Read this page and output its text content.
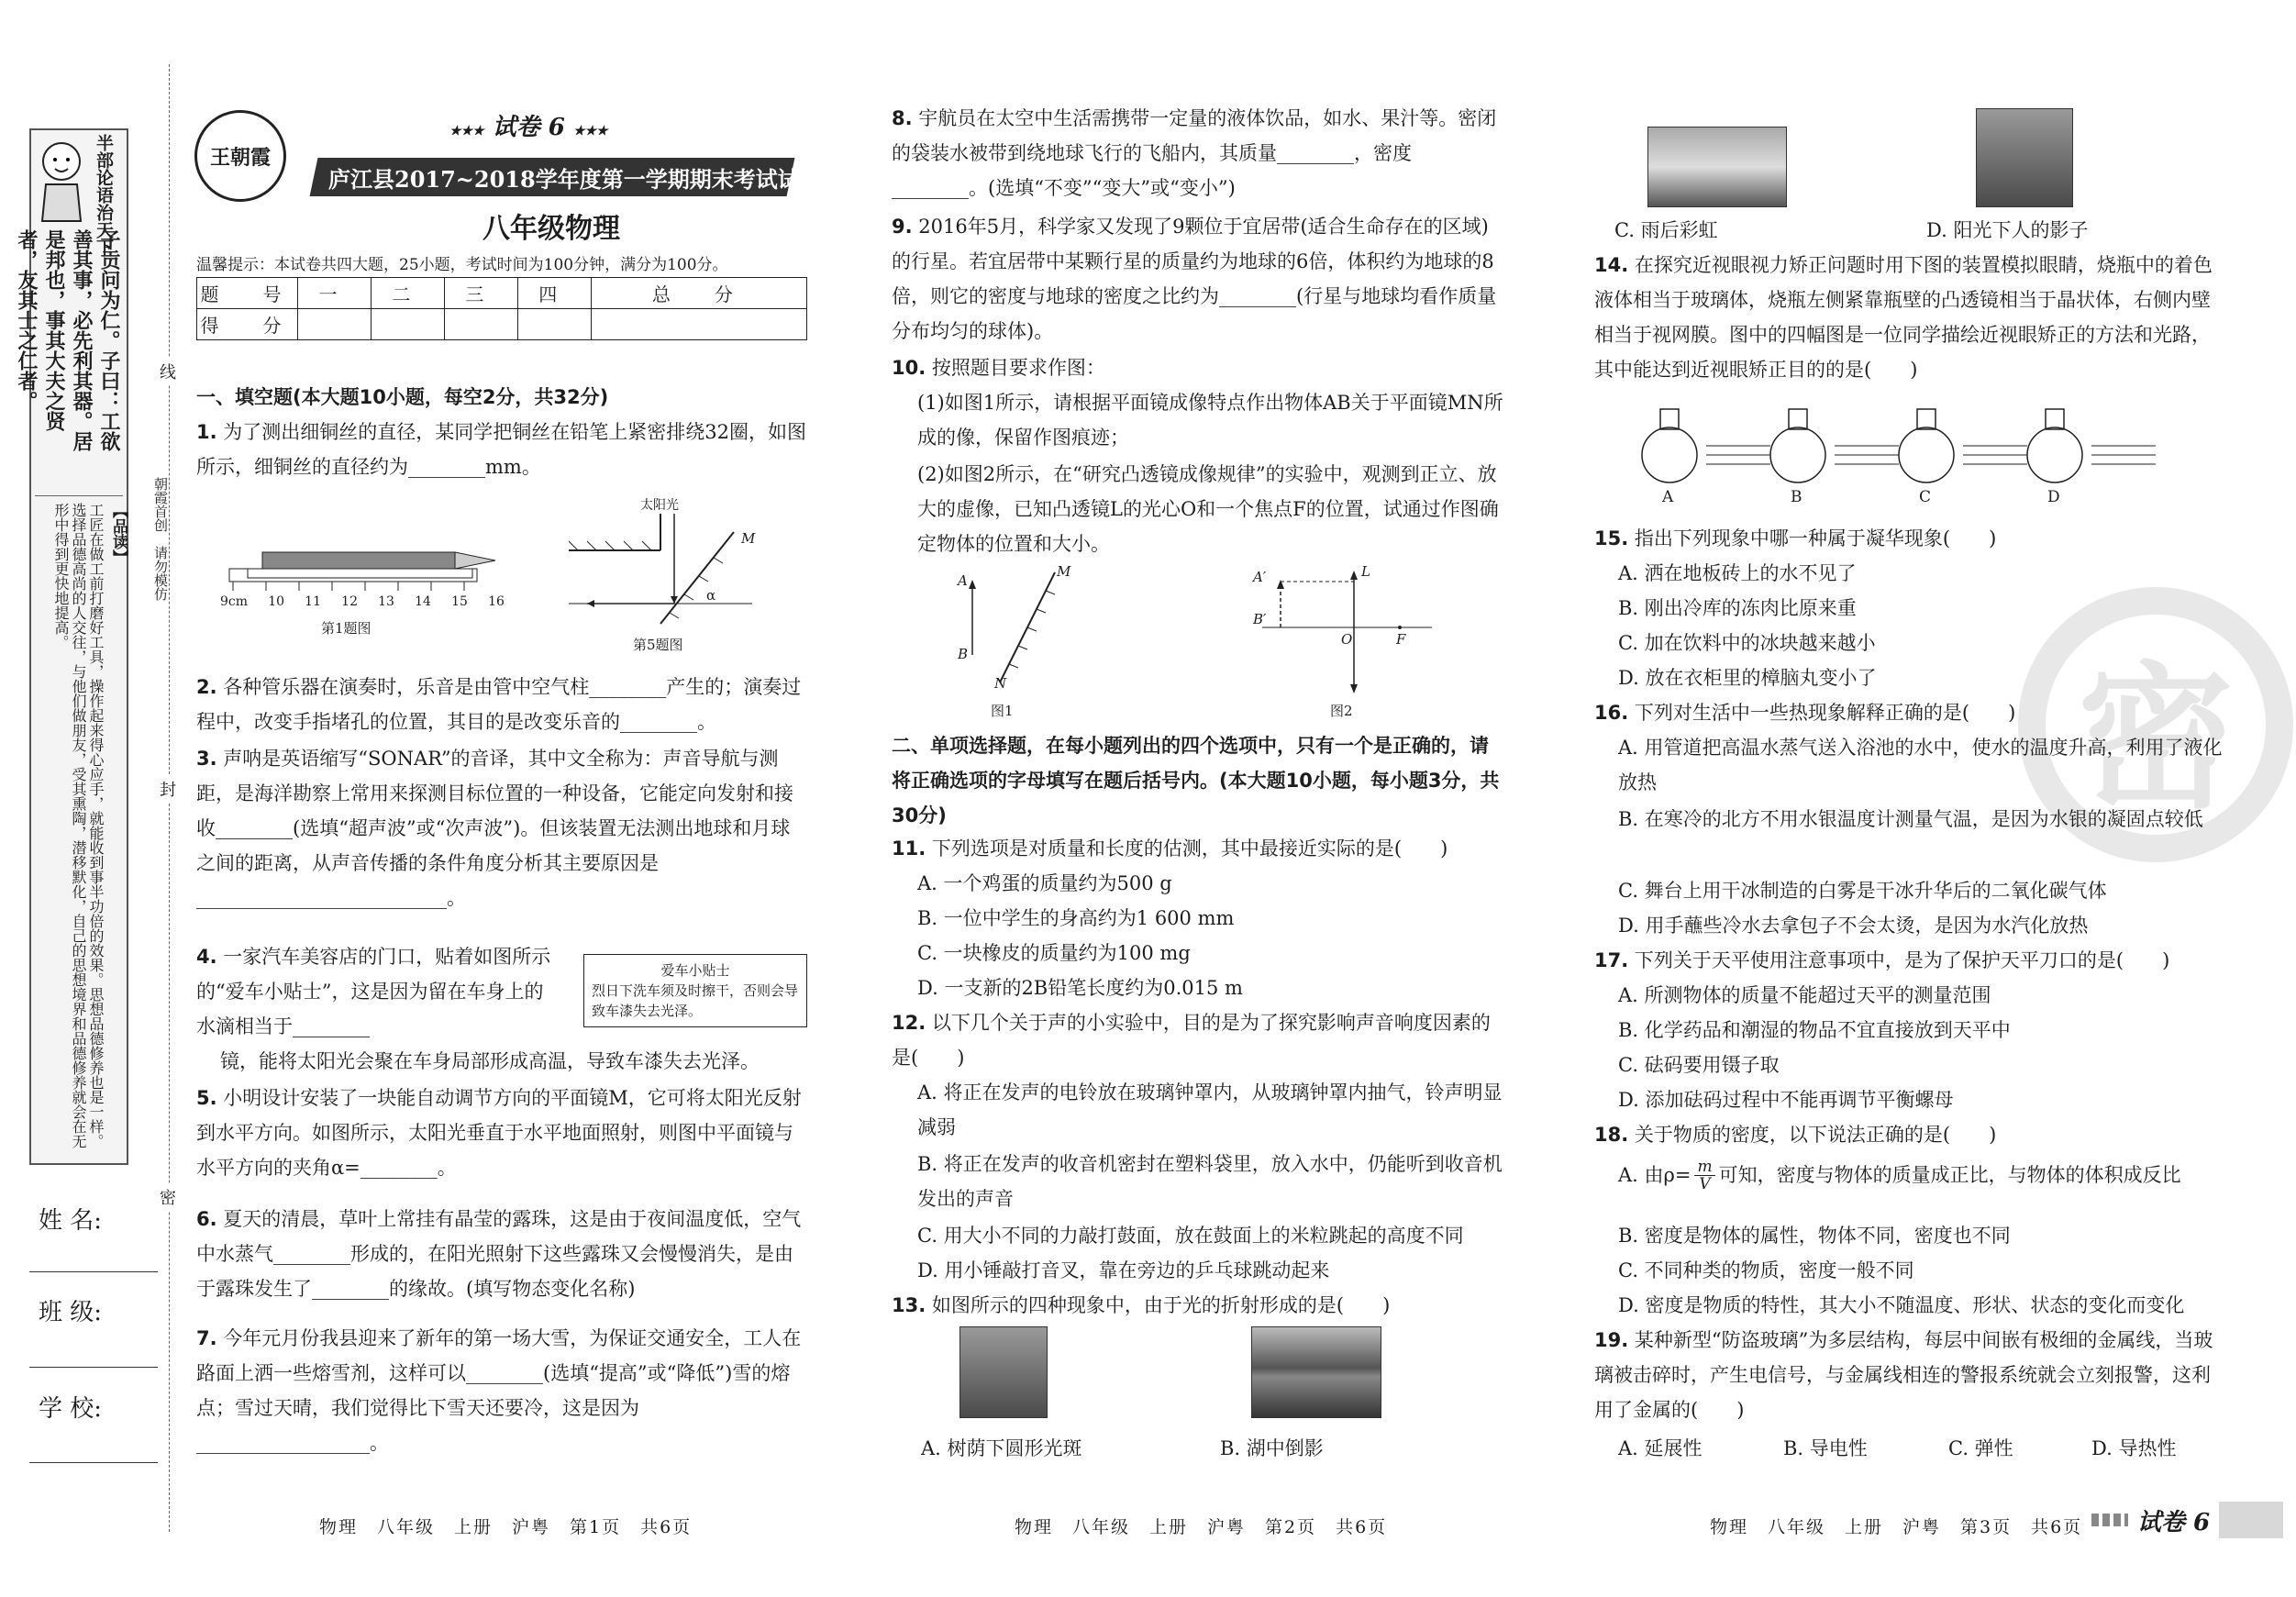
半部论语治天下
子贡问为仁。子曰：工欲善其事，必先利其器。居是邦也，事其大夫之贤者，友其士之仁者。
【品读】
工匠在做工前打磨好工具，操作起来得心应手，就能收到事半功倍的效果。思想品德修养也是一样。选择品德高尚的人交往，与他们做朋友，受其熏陶，潜移默化，自己的思想境界和品德修养就会在无形中得到更快地提高。
姓 名:
班 级:
学 校:
线
封
密
朝霞首创　请勿模仿
王朝霞
★★★ 试卷 6 ★★★
庐江县2017~2018学年度第一学期期末考试试题
八年级物理
温馨提示：本试卷共四大题，25小题，考试时间为100分钟，满分为100分。
题　号	一	二	三	四	总　分
得　分					
一、填空题(本大题10小题，每空2分，共32分)
1. 为了测出细铜丝的直径，某同学把铜丝在铅笔上紧密排绕32圈，如图所示，细铜丝的直径约为________mm。
9cm 10 11 12 13 14 15 16
第1题图
太阳光
M
α
第5题图
2. 各种管乐器在演奏时，乐音是由管中空气柱________产生的；演奏过程中，改变手指堵孔的位置，其目的是改变乐音的________。
3. 声呐是英语缩写“SONAR”的音译，其中文全称为：声音导航与测距，是海洋勘察上常用来探测目标位置的一种设备，它能定向发射和接收________(选填“超声波”或“次声波”)。但该装置无法测出地球和月球之间的距离，从声音传播的条件角度分析其主要原因是__________________________。
4. 一家汽车美容店的门口，贴着如图所示的“爱车小贴士”，这是因为留在车身上的水滴相当于________
爱车小贴士
烈日下洗车须及时擦干，否则会导致车漆失去光泽。
镜，能将太阳光会聚在车身局部形成高温，导致车漆失去光泽。
5. 小明设计安装了一块能自动调节方向的平面镜M，它可将太阳光反射到水平方向。如图所示，太阳光垂直于水平地面照射，则图中平面镜与水平方向的夹角α=________。
6. 夏天的清晨，草叶上常挂有晶莹的露珠，这是由于夜间温度低，空气中水蒸气________形成的，在阳光照射下这些露珠又会慢慢消失，是由于露珠发生了________的缘故。(填写物态变化名称)
7. 今年元月份我县迎来了新年的第一场大雪，为保证交通安全，工人在路面上洒一些熔雪剂，这样可以________(选填“提高”或“降低”)雪的熔点；雪过天晴，我们觉得比下雪天还要冷，这是因为__________________。
物理　八年级　上册　沪粤　第1页　共6页
8. 宇航员在太空中生活需携带一定量的液体饮品，如水、果汁等。密闭的袋装水被带到绕地球飞行的飞船内，其质量________，密度________。(选填“不变”“变大”或“变小”)
9. 2016年5月，科学家又发现了9颗位于宜居带(适合生命存在的区域)的行星。若宜居带中某颗行星的质量约为地球的6倍，体积约为地球的8倍，则它的密度与地球的密度之比约为________(行星与地球均看作质量分布均匀的球体)。
10. 按照题目要求作图：
(1)如图1所示，请根据平面镜成像特点作出物体AB关于平面镜MN所成的像，保留作图痕迹；
(2)如图2所示，在“研究凸透镜成像规律”的实验中，观测到正立、放大的虚像，已知凸透镜L的光心O和一个焦点F的位置，试通过作图确定物体的位置和大小。
A
B
M
N
图1
A′
B′
L
O	F
图2
二、单项选择题，在每小题列出的四个选项中，只有一个是正确的，请将正确选项的字母填写在题后括号内。(本大题10小题，每小题3分，共30分)
11. 下列选项是对质量和长度的估测，其中最接近实际的是(　　)
A. 一个鸡蛋的质量约为500 g
B. 一位中学生的身高约为1 600 mm
C. 一块橡皮的质量约为100 mg
D. 一支新的2B铅笔长度约为0.015 m
12. 以下几个关于声的小实验中，目的是为了探究影响声音响度因素的是(　　)
A. 将正在发声的电铃放在玻璃钟罩内，从玻璃钟罩内抽气，铃声明显减弱
B. 将正在发声的收音机密封在塑料袋里，放入水中，仍能听到收音机发出的声音
C. 用大小不同的力敲打鼓面，放在鼓面上的米粒跳起的高度不同
D. 用小锤敲打音叉，靠在旁边的乒乓球跳动起来
13. 如图所示的四种现象中，由于光的折射形成的是(　　)
A. 树荫下圆形光斑	B. 湖中倒影
物理　八年级　上册　沪粤　第2页　共6页
密
C. 雨后彩虹	D. 阳光下人的影子
14. 在探究近视眼视力矫正问题时用下图的装置模拟眼睛，烧瓶中的着色液体相当于玻璃体，烧瓶左侧紧靠瓶壁的凸透镜相当于晶状体，右侧内壁相当于视网膜。图中的四幅图是一位同学描绘近视眼矫正的方法和光路，其中能达到近视眼矫正目的的是(　　)
A	B	C	D
15. 指出下列现象中哪一种属于凝华现象(　　)
A. 洒在地板砖上的水不见了
B. 刚出冷库的冻肉比原来重
C. 加在饮料中的冰块越来越小
D. 放在衣柜里的樟脑丸变小了
16. 下列对生活中一些热现象解释正确的是(　　)
A. 用管道把高温水蒸气送入浴池的水中，使水的温度升高，利用了液化放热
B. 在寒冷的北方不用水银温度计测量气温，是因为水银的凝固点较低
C. 舞台上用干冰制造的白雾是干冰升华后的二氧化碳气体
D. 用手蘸些冷水去拿包子不会太烫，是因为水汽化放热
17. 下列关于天平使用注意事项中，是为了保护天平刀口的是(　　)
A. 所测物体的质量不能超过天平的测量范围
B. 化学药品和潮湿的物品不宜直接放到天平中
C. 砝码要用镊子取
D. 添加砝码过程中不能再调节平衡螺母
18. 关于物质的密度，以下说法正确的是(　　)
A. 由$\rho= \frac{m}{V}$ 可知，密度与物体的质量成正比，与物体的体积成反比
B. 密度是物体的属性，物体不同，密度也不同
C. 不同种类的物质，密度一般不同
D. 密度是物质的特性，其大小不随温度、形状、状态的变化而变化
19. 某种新型“防盗玻璃”为多层结构，每层中间嵌有极细的金属线，当玻璃被击碎时，产生电信号，与金属线相连的警报系统就会立刻报警，这利用了金属的(　　)
A. 延展性	B. 导电性	C. 弹性	D. 导热性
物理　八年级　上册　沪粤　第3页　共6页 试卷 6
